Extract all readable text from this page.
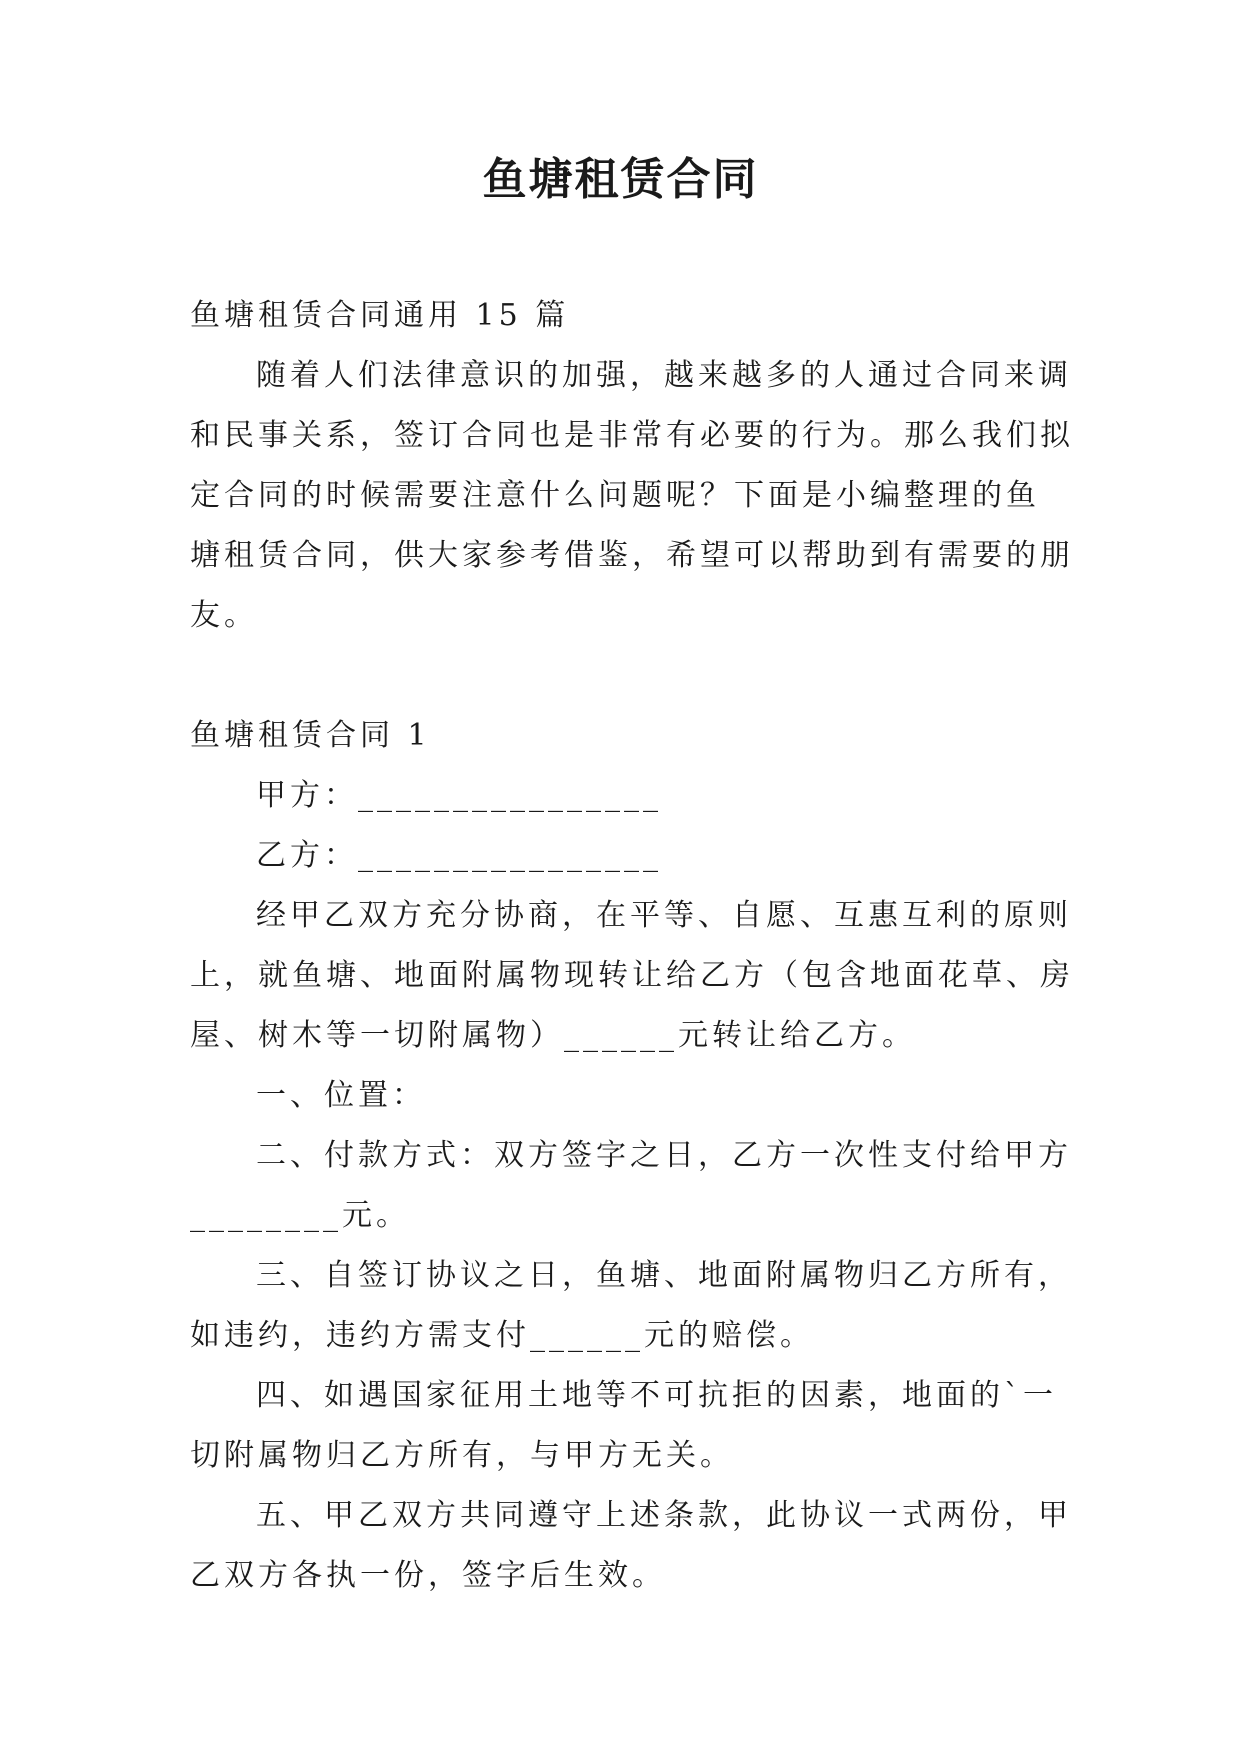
鱼塘租赁合同
鱼塘租赁合同通用 15 篇
随着人们法律意识的加强，越来越多的人通过合同来调
和民事关系，签订合同也是非常有必要的行为。那么我们拟
定合同的时候需要注意什么问题呢？下面是小编整理的鱼
塘租赁合同，供大家参考借鉴，希望可以帮助到有需要的朋
友。
鱼塘租赁合同 1
甲方：________________
乙方：________________
经甲乙双方充分协商，在平等、自愿、互惠互利的原则
上，就鱼塘、地面附属物现转让给乙方（包含地面花草、房
屋、树木等一切附属物）______元转让给乙方。
一、位置：
二、付款方式：双方签字之日，乙方一次性支付给甲方
________元。
三、自签订协议之日，鱼塘、地面附属物归乙方所有，
如违约，违约方需支付______元的赔偿。
四、如遇国家征用土地等不可抗拒的因素，地面的`一
切附属物归乙方所有，与甲方无关。
五、甲乙双方共同遵守上述条款，此协议一式两份，甲
乙双方各执一份，签字后生效。
